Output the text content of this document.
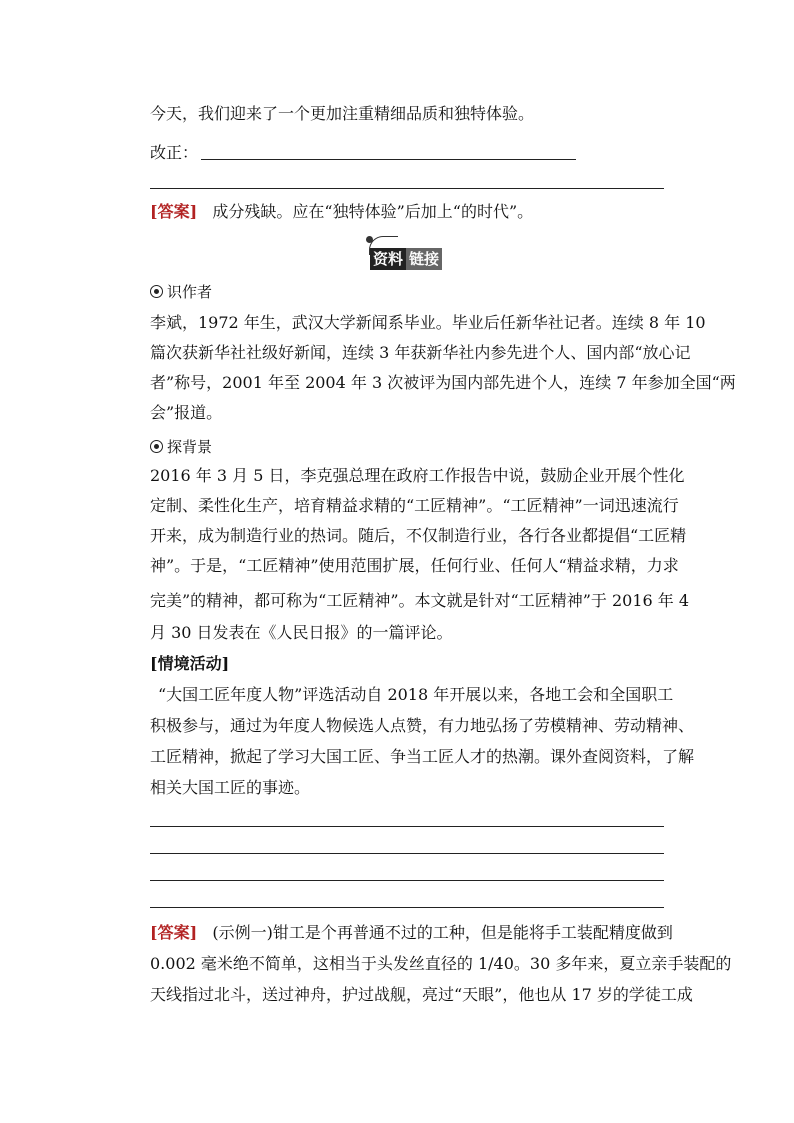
今天，我们迎来了一个更加注重精细品质和独特体验。
改正：
[答案] 成分残缺。应在“独特体验”后加上“的时代”。
资料 链接
识作者
李斌，1972 年生，武汉大学新闻系毕业。毕业后任新华社记者。连续 8 年 10
篇次获新华社社级好新闻，连续 3 年获新华社内参先进个人、国内部“放心记
者”称号，2001 年至 2004 年 3 次被评为国内部先进个人，连续 7 年参加全国“两
会”报道。
探背景
2016 年 3 月 5 日，李克强总理在政府工作报告中说，鼓励企业开展个性化
定制、柔性化生产，培育精益求精的“工匠精神”。“工匠精神”一词迅速流行
开来，成为制造行业的热词。随后，不仅制造行业，各行各业都提倡“工匠精
神”。于是，“工匠精神”使用范围扩展，任何行业、任何人“精益求精，力求
完美”的精神，都可称为“工匠精神”。本文就是针对“工匠精神”于 2016 年 4
月 30 日发表在《人民日报》的一篇评论。
[情境活动]
“大国工匠年度人物”评选活动自 2018 年开展以来，各地工会和全国职工
积极参与，通过为年度人物候选人点赞，有力地弘扬了劳模精神、劳动精神、
工匠精神，掀起了学习大国工匠、争当工匠人才的热潮。课外查阅资料，了解
相关大国工匠的事迹。
[答案] (示例一)钳工是个再普通不过的工种，但是能将手工装配精度做到
0.002 毫米绝不简单，这相当于头发丝直径的 1/40。30 多年来，夏立亲手装配的
天线指过北斗，送过神舟，护过战舰，亮过“天眼”，他也从 17 岁的学徒工成
